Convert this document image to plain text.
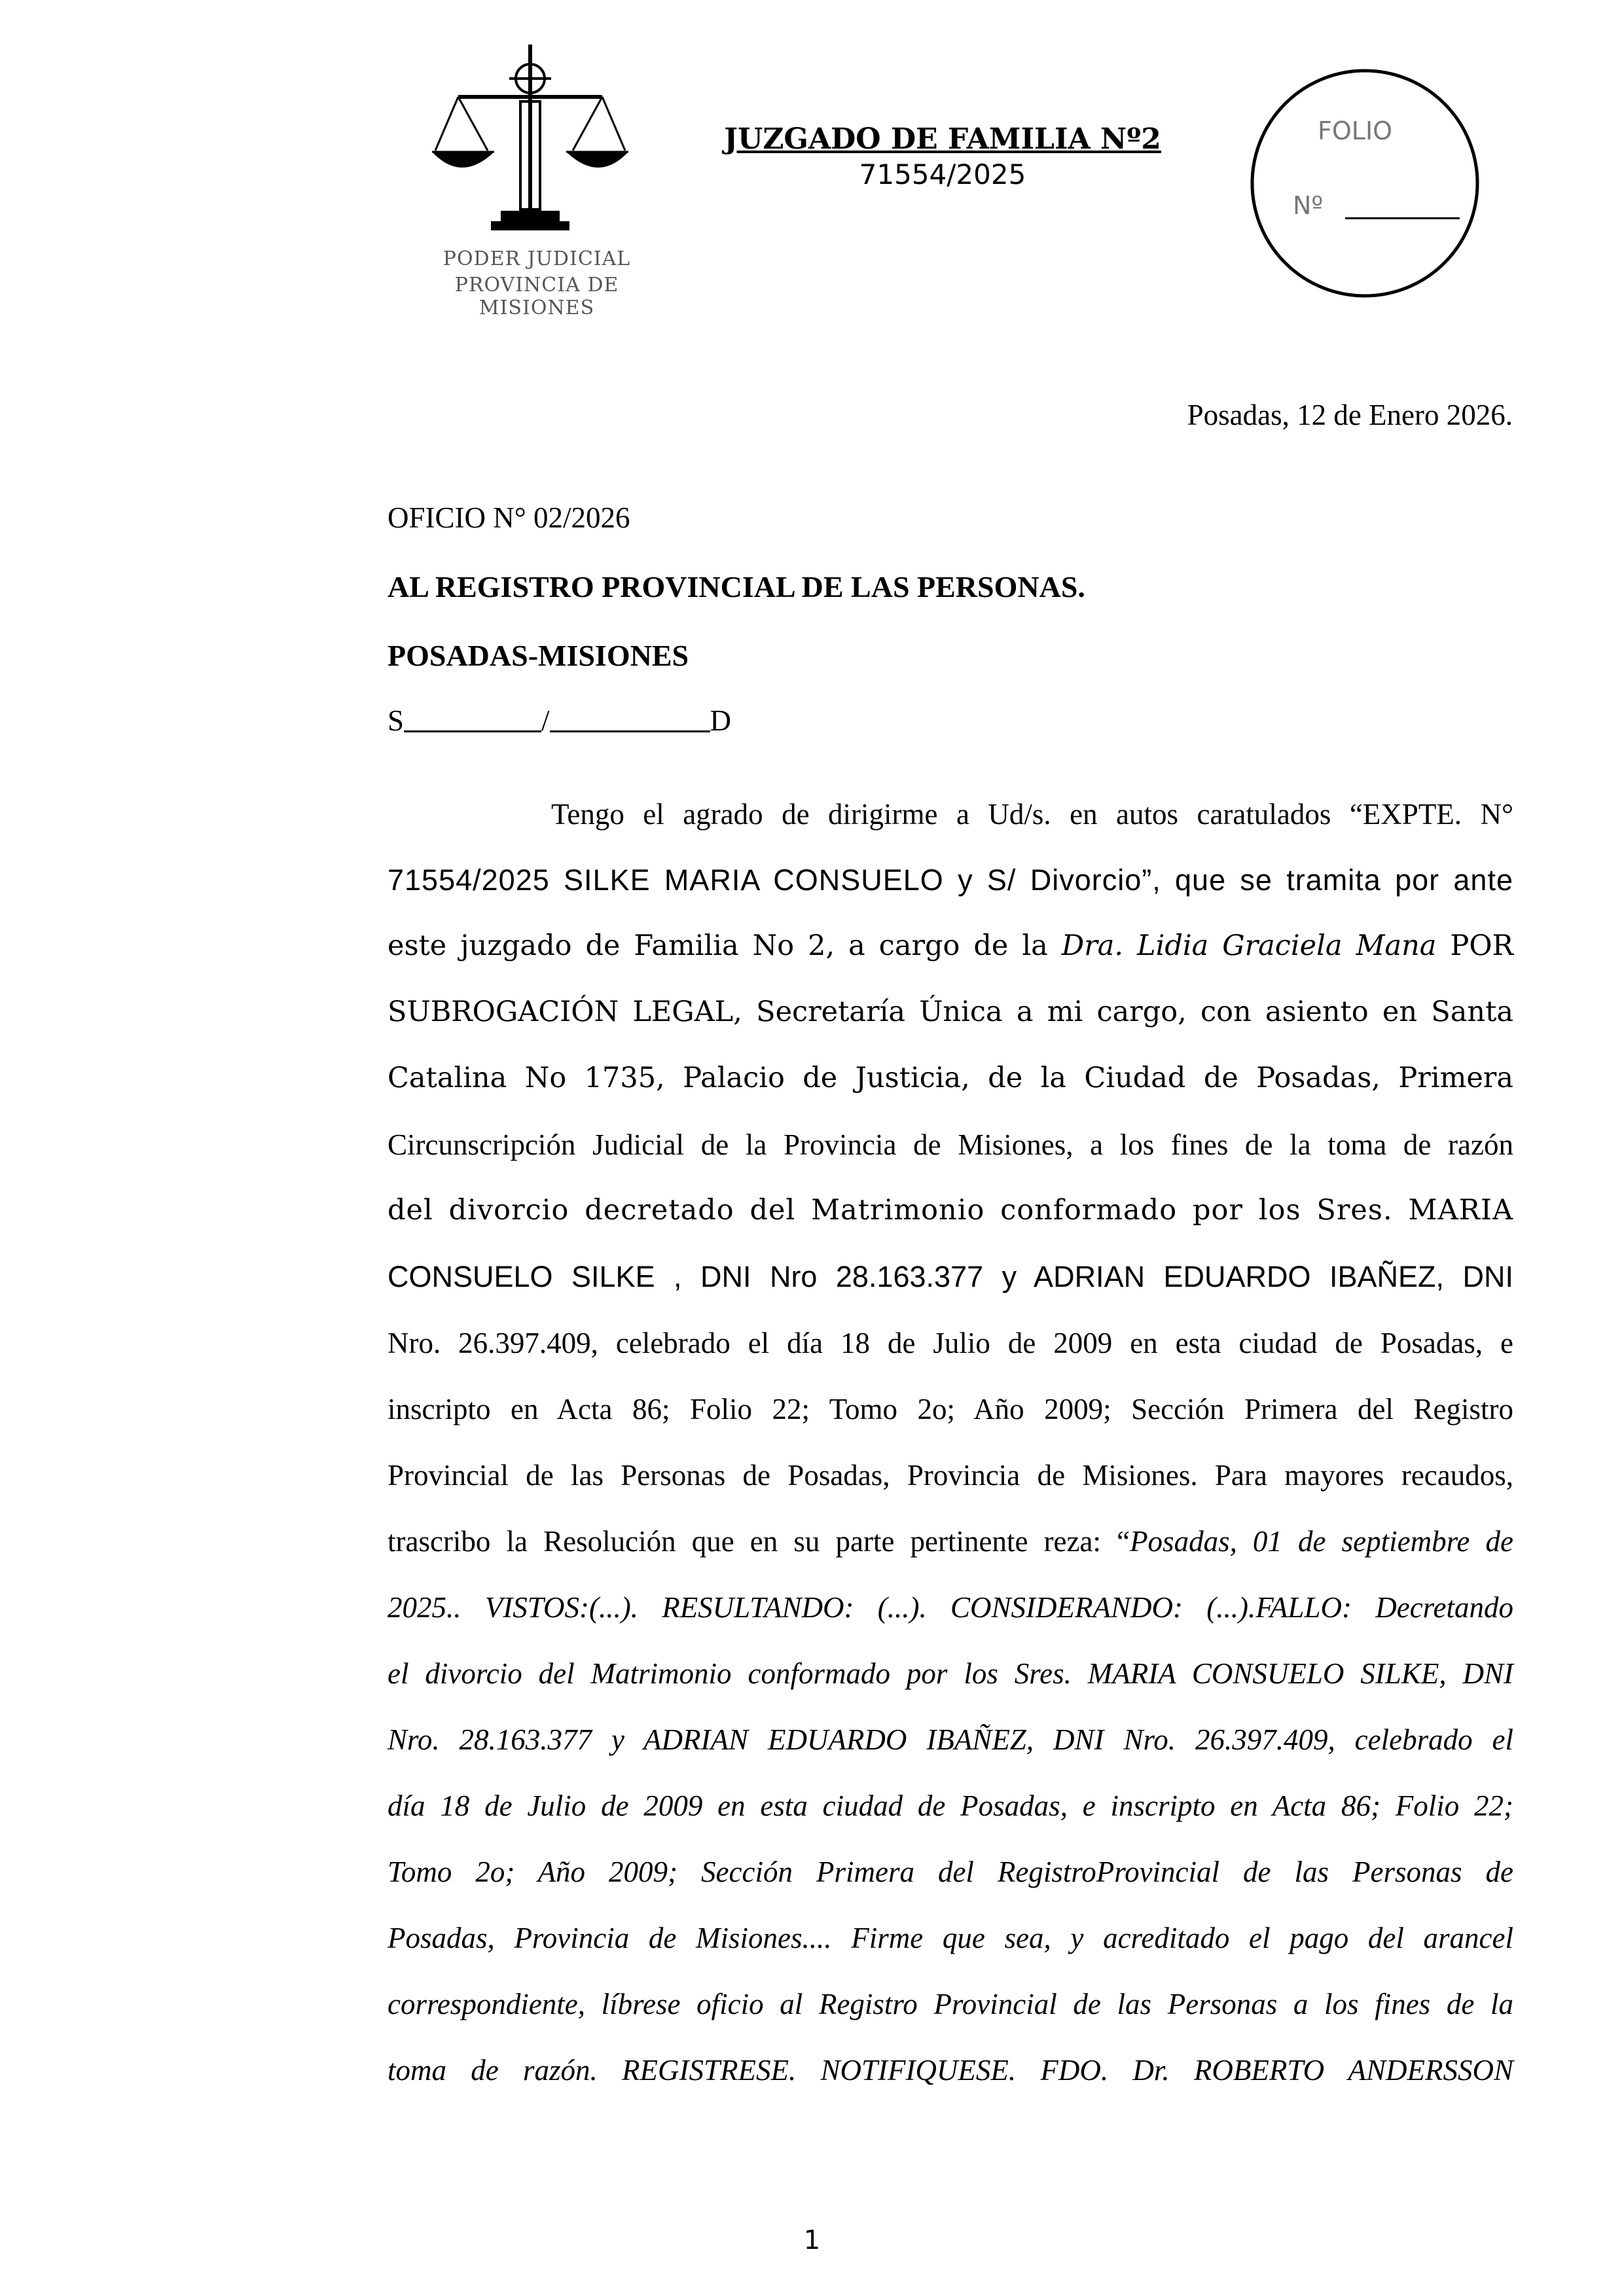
PODER JUDICIAL
PROVINCIA DE MISIONES
JUZGADO DE FAMILIA Nº2
71554/2025
FOLIO
Nº
Posadas, 12 de Enero 2026.
OFICIO N° 02/2026
AL REGISTRO PROVINCIAL DE LAS PERSONAS.
POSADAS-MISIONES
S	/	D
Tengo el agrado de dirigirme a Ud/s. en autos caratulados “EXPTE. N°
71554/2025 SILKE MARIA CONSUELO y S/ Divorcio”, que se tramita por ante
este juzgado de Familia No 2, a cargo de la Dra. Lidia Graciela Mana POR
SUBROGACIÓN LEGAL, Secretaría Única a mi cargo, con asiento en Santa
Catalina No 1735, Palacio de Justicia, de la Ciudad de Posadas, Primera
Circunscripción Judicial de la Provincia de Misiones, a los fines de la toma de razón
del divorcio decretado del Matrimonio conformado por los Sres. MARIA
CONSUELO SILKE , DNI Nro 28.163.377 y ADRIAN EDUARDO IBAÑEZ, DNI
Nro. 26.397.409, celebrado el día 18 de Julio de 2009 en esta ciudad de Posadas, e
inscripto en Acta 86; Folio 22; Tomo 2o; Año 2009; Sección Primera del Registro
Provincial de las Personas de Posadas, Provincia de Misiones. Para mayores recaudos,
trascribo la Resolución que en su parte pertinente reza: “Posadas, 01 de septiembre de
2025.. VISTOS:(...). RESULTANDO: (...). CONSIDERANDO: (...).FALLO: Decretando
el divorcio del Matrimonio conformado por los Sres. MARIA CONSUELO SILKE, DNI
Nro. 28.163.377 y ADRIAN EDUARDO IBAÑEZ, DNI Nro. 26.397.409, celebrado el
día 18 de Julio de 2009 en esta ciudad de Posadas, e inscripto en Acta 86; Folio 22;
Tomo 2o; Año 2009; Sección Primera del RegistroProvincial de las Personas de
Posadas, Provincia de Misiones.... Firme que sea, y acreditado el pago del arancel
correspondiente, líbrese oficio al Registro Provincial de las Personas a los fines de la
toma de razón. REGISTRESE. NOTIFIQUESE. FDO. Dr. ROBERTO ANDERSSON
1
